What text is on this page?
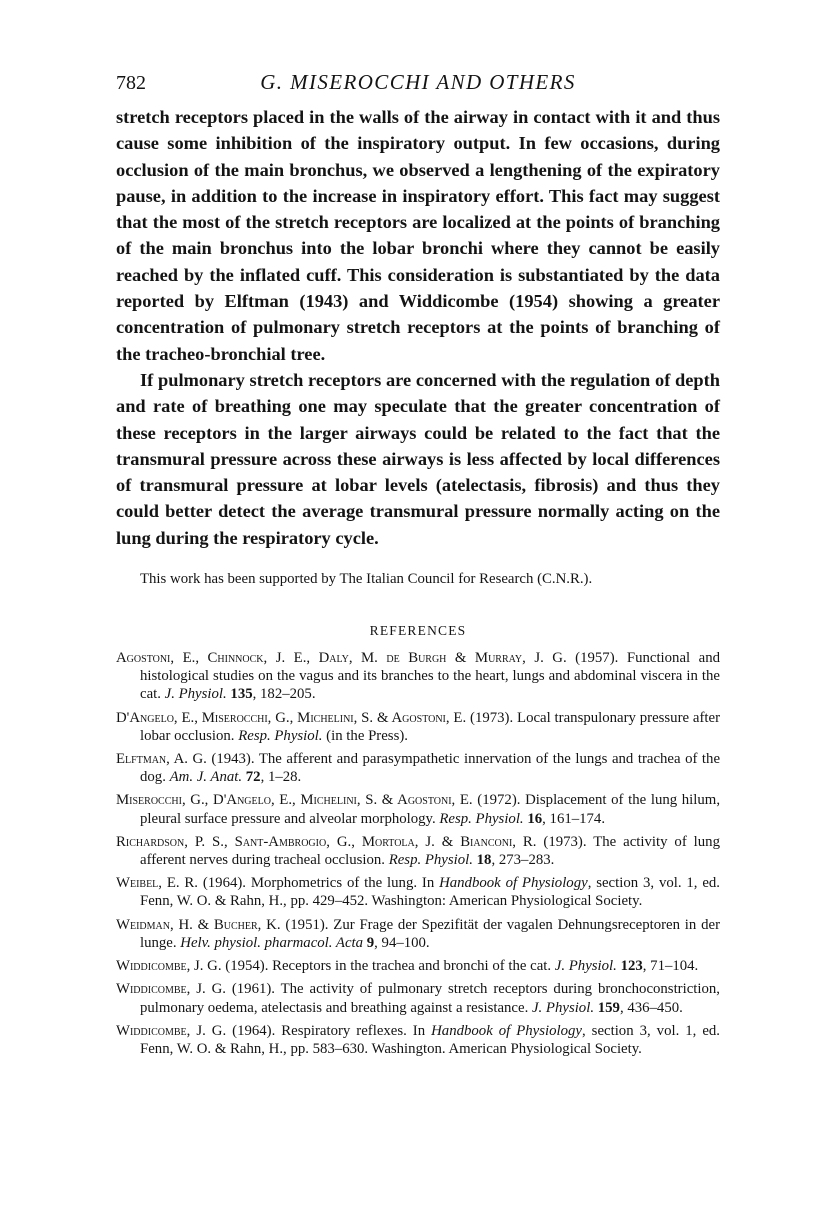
782	G. MISEROCCHI AND OTHERS

stretch receptors placed in the walls of the airway in contact with it and thus cause some inhibition of the inspiratory output. In few occasions, during occlusion of the main bronchus, we observed a lengthening of the expiratory pause, in addition to the increase in inspiratory effort. This fact may suggest that the most of the stretch receptors are localized at the points of branching of the main bronchus into the lobar bronchi where they cannot be easily reached by the inflated cuff. This consideration is substantiated by the data reported by Elftman (1943) and Widdicombe (1954) showing a greater concentration of pulmonary stretch receptors at the points of branching of the tracheo-bronchial tree.

If pulmonary stretch receptors are concerned with the regulation of depth and rate of breathing one may speculate that the greater concentration of these receptors in the larger airways could be related to the fact that the transmural pressure across these airways is less affected by local differences of transmural pressure at lobar levels (atelectasis, fibrosis) and thus they could better detect the average transmural pressure normally acting on the lung during the respiratory cycle.

This work has been supported by The Italian Council for Research (C.N.R.).

REFERENCES
Agostoni, E., Chinnock, J. E., Daly, M. de Burgh & Murray, J. G. (1957). Functional and histological studies on the vagus and its branches to the heart, lungs and abdominal viscera in the cat. J. Physiol. 135, 182–205.
D'Angelo, E., Miserocchi, G., Michelini, S. & Agostoni, E. (1973). Local transpulonary pressure after lobar occlusion. Resp. Physiol. (in the Press).
Elftman, A. G. (1943). The afferent and parasympathetic innervation of the lungs and trachea of the dog. Am. J. Anat. 72, 1–28.
Miserocchi, G., D'Angelo, E., Michelini, S. & Agostoni, E. (1972). Displacement of the lung hilum, pleural surface pressure and alveolar morphology. Resp. Physiol. 16, 161–174.
Richardson, P. S., Sant-Ambrogio, G., Mortola, J. & Bianconi, R. (1973). The activity of lung afferent nerves during tracheal occlusion. Resp. Physiol. 18, 273–283.
Weibel, E. R. (1964). Morphometrics of the lung. In Handbook of Physiology, section 3, vol. 1, ed. Fenn, W. O. & Rahn, H., pp. 429–452. Washington: American Physiological Society.
Weidman, H. & Bucher, K. (1951). Zur Frage der Spezifität der vagalen Dehnungsreceptoren in der lunge. Helv. physiol. pharmacol. Acta 9, 94–100.
Widdicombe, J. G. (1954). Receptors in the trachea and bronchi of the cat. J. Physiol. 123, 71–104.
Widdicombe, J. G. (1961). The activity of pulmonary stretch receptors during bronchoconstriction, pulmonary oedema, atelectasis and breathing against a resistance. J. Physiol. 159, 436–450.
Widdicombe, J. G. (1964). Respiratory reflexes. In Handbook of Physiology, section 3, vol. 1, ed. Fenn, W. O. & Rahn, H., pp. 583–630. Washington. American Physiological Society.
